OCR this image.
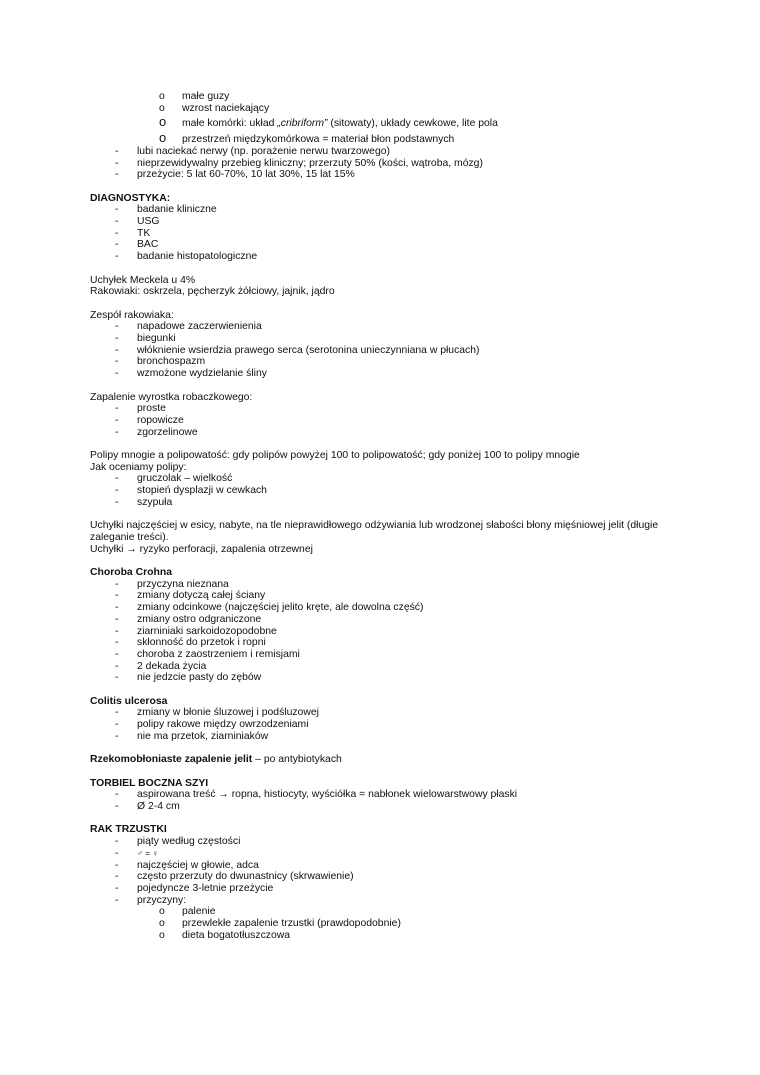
o małe guzy
o wzrost naciekający
o małe komórki: układ „cribriform” (sitowaty), układy cewkowe, lite pola
o przestrzeń międzykomórkowa = materiał błon podstawnych
- lubi naciekać nerwy (np. porażenie nerwu twarzowego)
- nieprzewidywalny przebieg kliniczny; przerzuty 50% (kości, wątroba, mózg)
- przeżycie: 5 lat 60-70%, 10 lat 30%, 15 lat 15%
DIAGNOSTYKA:
- badanie kliniczne
- USG
- TK
- BAC
- badanie histopatologiczne
Uchyłek Meckela u 4%
Rakowiaki: oskrzela, pęcherzyk żółciowy, jajnik, jądro
Zespół rakowiaka:
- napadowe zaczerwienienia
- biegunki
- włóknienie wsierdzia prawego serca (serotonina unieczynniana w płucach)
- bronchospazm
- wzmożone wydzielanie śliny
Zapalenie wyrostka robaczkowego:
- proste
- ropowicze
- zgorzelinowe
Polipy mnogie a polipowatość: gdy polipów powyżej 100 to polipowatość; gdy poniżej 100 to polipy mnogie
Jak oceniamy polipy:
- gruczolak – wielkość
- stopień dysplazji w cewkach
- szypuła
Uchyłki najczęściej w esicy, nabyte, na tle nieprawidłowego odżywiania lub wrodzonej słabości błony mięśniowej jelit (długie
zaleganie treści).
Uchyłki → ryzyko perforacji, zapalenia otrzewnej
Choroba Crohna
- przyczyna nieznana
- zmiany dotyczą całej ściany
- zmiany odcinkowe (najczęściej jelito kręte, ale dowolna część)
- zmiany ostro odgraniczone
- ziarniniaki sarkoidozopodobne
- skłonność do przetok i ropni
- choroba z zaostrzeniem i remisjami
- 2 dekada życia
- nie jedzcie pasty do zębów
Colitis ulcerosa
- zmiany w błonie śluzowej i podśluzowej
- polipy rakowe między owrzodzeniami
- nie ma przetok, ziarniniaków
Rzekomobłoniaste zapalenie jelit – po antybiotykach
TORBIEL BOCZNA SZYI
- aspirowana treść → ropna, histiocyty, wyściółka = nabłonek wielowarstwowy płaski
- Ø 2-4 cm
RAK TRZUSTKI
- piąty według częstości
- ♂ = ♀
- najczęściej w głowie, adca
- często przerzuty do dwunastnicy (skrwawienie)
- pojedyncze 3-letnie przeżycie
- przyczyny:
o palenie
o przewlekłe zapalenie trzustki (prawdopodobnie)
o dieta bogatotłuszczowa
